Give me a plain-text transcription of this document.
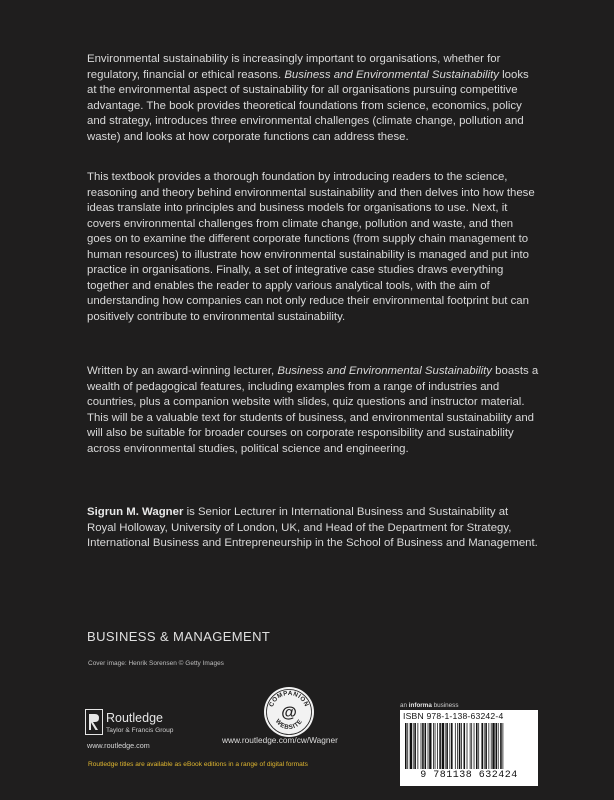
Environmental sustainability is increasingly important to organisations, whether for regulatory, financial or ethical reasons. Business and Environmental Sustainability looks at the environmental aspect of sustainability for all organisations pursuing competitive advantage. The book provides theoretical foundations from science, economics, policy and strategy, introduces three environmental challenges (climate change, pollution and waste) and looks at how corporate functions can address these.

This textbook provides a thorough foundation by introducing readers to the science, reasoning and theory behind environmental sustainability and then delves into how these ideas translate into principles and business models for organisations to use. Next, it covers environmental challenges from climate change, pollution and waste, and then goes on to examine the different corporate functions (from supply chain management to human resources) to illustrate how environmental sustainability is managed and put into practice in organisations. Finally, a set of integrative case studies draws everything together and enables the reader to apply various analytical tools, with the aim of understanding how companies can not only reduce their environmental footprint but can positively contribute to environmental sustainability.

Written by an award-winning lecturer, Business and Environmental Sustainability boasts a wealth of pedagogical features, including examples from a range of industries and countries, plus a companion website with slides, quiz questions and instructor material. This will be a valuable text for students of business, and environmental sustainability and will also be suitable for broader courses on corporate responsibility and sustainability across environmental studies, political science and engineering.

Sigrun M. Wagner is Senior Lecturer in International Business and Sustainability at Royal Holloway, University of London, UK, and Head of the Department for Strategy, International Business and Entrepreneurship in the School of Business and Management.

BUSINESS & MANAGEMENT
Cover image: Henrik Sorensen © Getty Images
Routledge
Taylor & Francis Group
www.routledge.com
COMPANION
WEBSITE
@
www.routledge.com/cw/Wagner
an informa business
ISBN 978-1-138-63242-4
9 781138 632424
Routledge titles are available as eBook editions in a range of digital formats
